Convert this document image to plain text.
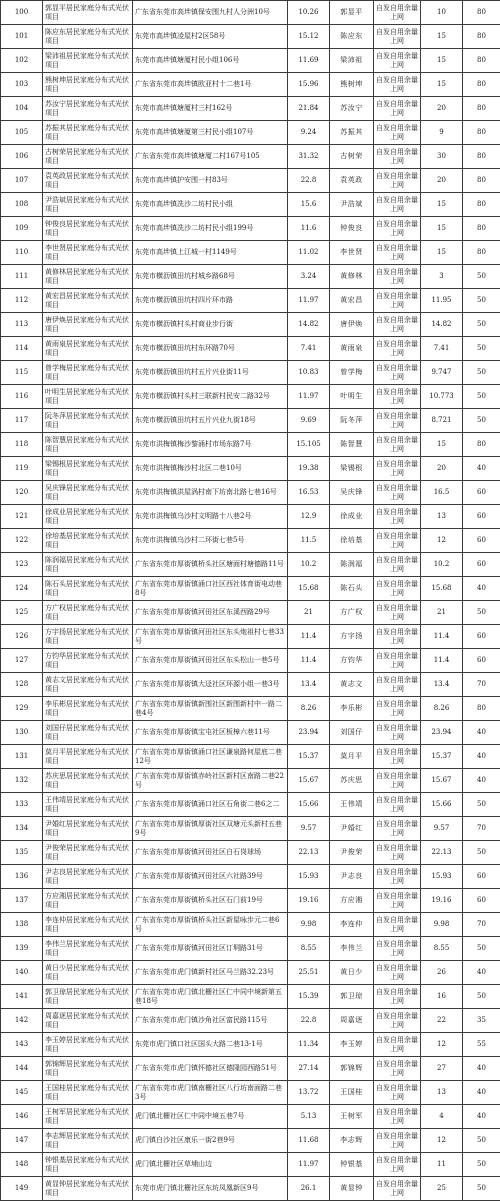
100	郭显平居民家庭分布式光伏项目	广东省东莞市高埗镇保安围九村人分洲10号	10.26	郭显平	自发自用余量上网	10	80
101	陈应东居民家庭分布式光伏项目	东莞市高埗镇凌屋村2区58号	15.12	陈应东	自发自用余量上网	15	80
102	梁沛祖居民家庭分布式光伏项目	东莞市高埗镇塘厦村民小组106号	11.69	梁沛祖	自发自用余量上网	15	80
103	熊树坤居民家庭分布式光伏项目	广东省东莞市高埗镇欧亚村十二巷1号	15.96	熊树坤	自发自用余量上网	15	80
104	苏汝宁居民家庭分布式光伏项目	东莞市高埗镇塘厦村三村162号	21.84	苏汝宁	自发自用余量上网	20	80
105	苏振其居民家庭分布式光伏项目	东莞市高埗镇塘厦第三村民小组107号	9.24	苏振其	自发自用余量上网	9	80
106	古树荣居民家庭分布式光伏项目	广东省东莞市高埗镇塘厦二村167号105	31.32	古树荣	自发自用余量上网	30	80
107	袁英政居民家庭分布式光伏项目	东莞市高埗镇护安围一村83号	22.8	袁英政	自发自用余量上网	20	80
108	尹浩斌居民家庭分布式光伏项目	东莞市高埗镇冼沙二坊村民小组	15.6	尹浩斌	自发自用余量上网	15	80
109	钟俊良居民家庭分布式光伏项目	东莞市高埗镇冼沙二坊村民小组199号	11.6	钟俊良	自发自用余量上网	15	80
110	李世贤居民家庭分布式光伏项目	东莞市高埗镇上江城一村1149号	11.02	李世贤	自发自用余量上网	15	80
111	黄修林居民家庭分布式光伏项目	东莞市横沥镇田坑村城乡路68号	3.24	黄修林	自发自用余量上网	3	50
112	黄宏昌居民家庭分布式光伏项目	东莞市横沥镇田坑村四片环市路	11.97	黄宏昌	自发自用余量上网	11.95	50
113	唐伊焕居民家庭分布式光伏项目	东莞市横沥镇村头村商业步行街	14.82	唐伊焕	自发自用余量上网	14.82	50
114	黄雨泉居民家庭分布式光伏项目	东莞市横沥镇田坑村东环路70号	7.41	黄雨泉	自发自用余量上网	7.41	50
115	曾学梅居民家庭分布式光伏项目	东莞市横沥镇田坑村五片兴业街11号	10.83	曾学梅	自发自用余量上网	9.747	50
116	叶明生居民家庭分布式光伏项目	东莞市横沥镇村头村三联新村民安二路32号	11.97	叶明生	自发自用余量上网	10.773	50
117	阮冬萍居民家庭分布式光伏项目	东莞市横沥镇田坑村五片兴业九街18号	9.69	阮冬萍	自发自用余量上网	8.721	50
118	陈智慧居民家庭分布式光伏项目	东莞市洪梅镇梅沙黎涌村市场东路7号	15.105	陈智慧	自发自用余量上网	15	80
119	梁锡根居民家庭分布式光伏项目	东莞市洪梅镇梅沙村北区二巷10号	19.38	梁锡根	自发自用余量上网	20	40
120	吴庆锋居民家庭分布式光伏项目	东莞市洪梅镇洪屋涡村南下坊南北路七巷16号	16.53	吴庆锋	自发自用余量上网	16.5	60
121	徐成业居民家庭分布式光伏项目	东莞市洪梅镇乌沙村文明路十八巷2号	12.9	徐成业	自发自用余量上网	13	60
122	徐培基居民家庭分布式光伏项目	东莞市洪梅镇乌沙村二环街七巷5号	11.5	徐培基	自发自用余量上网	12	60
123	陈润福居民家庭分布式光伏项目	广东省东莞市厚街镇桥头社区塘面村塘德路11号	10.2	陈润福	自发自用余量上网	10.2	60
124	陈石头居民家庭分布式光伏项目	广东省东莞市厚街镇涌口社区西社体育街电动巷8号	15.68	陈石头	自发自用余量上网	15.68	40
125	方广权居民家庭分布式光伏项目	广东省东莞市厚街镇河田社区东溪西路29号	21	方广权	自发自用余量上网	21	50
126	方宇扬居民家庭分布式光伏项目	广东省东莞市厚街镇河田社区东头炮祖村七巷33号	11.4	方宇扬	自发自用余量上网	11.4	60
127	方钧华居民家庭分布式光伏项目	广东省东莞市厚街镇河田社区东头松山一巷5号	11.4	方钧华	自发自用余量上网	11.4	60
128	黄志文居民家庭分布式光伏项目	广东省东莞市厚街镇大迳社区环源小组一巷3号	13.4	黄志文	自发自用余量上网	13.4	70
129	李乐彬居民家庭分布式光伏项目	广东省东莞市厚街镇新围社区新围新村中一路二巷4号	8.26	李乐彬	自发自用余量上网	8.26	80
130	刘国仔居民家庭分布式光伏项目	广东省东莞市厚街镇宝屯社区板樟六巷11号	23.94	刘国仔	自发自用余量上网	23.94	40
131	莫月平居民家庭分布式光伏项目	广东省东莞市厚街镇涌口社区谦泉路何屋底二巷12号	15.37	莫月平	自发自用余量上网	15.37	40
132	苏庆思居民家庭分布式光伏项目	广东省东莞市厚街镇赤岭社区新村区南路二巷22号	15.67	苏庆思	自发自用余量上网	15.67	40
133	王伟靖居民家庭分布式光伏项目	广东省东莞市厚街镇涌口社区石角街二巷6之二	15.66	王伟靖	自发自用余量上网	15.66	50
134	尹婚红居民家庭分布式光伏项目	广东省东莞市厚街镇厚街社区双塘元头新村五巷9号	9.57	尹婚红	自发自用余量上网	9.57	70
135	尹俊荣居民家庭分布式光伏项目	广东省东莞市厚街镇河田社区白石岗球场	22.13	尹俊荣	自发自用余量上网	22.13	50
136	尹志良居民家庭分布式光伏项目	广东省东莞市厚街镇河田社区六社路39号	15.93	尹志良	自发自用余量上网	15.93	60
137	方应湘居民家庭分布式光伏项目	广东省东莞市厚街镇桥头社区石门前19号	19.16	方应湘	自发自用余量上网	19.16	60
138	李连仲居民家庭分布式光伏项目	广东省东莞市厚街镇桥头社区新屋咏步元二巷6号	9.98	李连仲	自发自用余量上网	9.98	70
139	李伟兰居民家庭分布式光伏项目	广东省东莞市厚街镇河田社区订垌路31号	8.55	李伟兰	自发自用余量上网	8.55	50
140	黄日少居民家庭分布式光伏项目	广东省东莞市虎门镇新村社区马兰路32.23号	25.51	黄日少	自发自用余量上网	26	40
141	郭卫琼居民家庭分布式光伏项目	广东省东莞市虎门镇北栅社区仁中同中境新第五巷18号	15.39	郭卫琼	自发自用余量上网	16	50
142	周嘉逐居民家庭分布式光伏项目	广东省东莞市虎门镇沙角社区富民路115号	22.8	周嘉逐	自发自用余量上网	22	35
143	李玉婷居民家庭分布式光伏项目	东莞市虎门镇口社区国头大路二巷13-1号	11.34	李玉婷	自发自用余量上网	12	55
144	郭锦辉居民家庭分布式光伏项目	广东省东莞市虎门镇怀德社区德隆园西路51号	27.14	郭锦辉	自发自用余量上网	27	40
145	王国桂居民家庭分布式光伏项目	广东省东莞市虎门镇南栅社区八行坊南面路二巷3号	13.72	王国桂	自发自用余量上网	13	40
146	王树军居民家庭分布式光伏项目	虎门镇北栅社区仁中同中境五巷7号	5.13	王树军	自发自用余量上网	4	40
147	李志辉居民家庭分布式光伏项目	虎门镇白沙社区康乐一街2巷9号	11.68	李志辉	自发自用余量上网	12	50
148	钟银基居民家庭分布式光伏项目	虎门镇北栅社区草埔山边	11.97	钟银基	自发自用余量上网	11	50
149	黄显钟居民家庭分布式光伏项目	东莞市虎门镇北栅社区东坊凤凰新区9号	26.1	黄显钟	自发自用余量上网	25	50
